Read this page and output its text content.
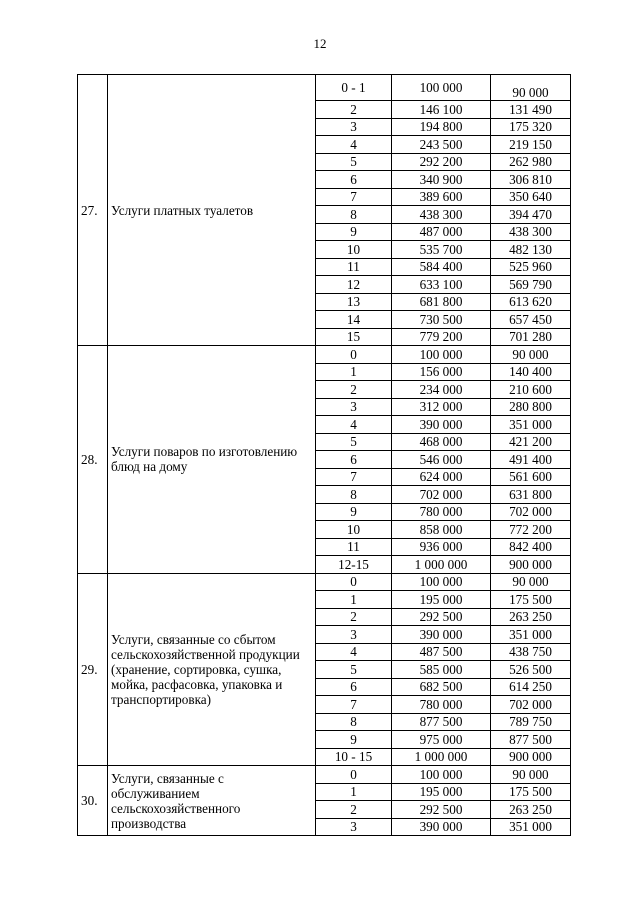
12
27.	Услуги платных туалетов	0 - 1	100 000	90 000
		2	146 100	131 490
		3	194 800	175 320
		4	243 500	219 150
		5	292 200	262 980
		6	340 900	306 810
		7	389 600	350 640
		8	438 300	394 470
		9	487 000	438 300
		10	535 700	482 130
		11	584 400	525 960
		12	633 100	569 790
		13	681 800	613 620
		14	730 500	657 450
		15	779 200	701 280
28.	Услуги поваров по изготовлению блюд на дому	0	100 000	90 000
		1	156 000	140 400
		2	234 000	210 600
		3	312 000	280 800
		4	390 000	351 000
		5	468 000	421 200
		6	546 000	491 400
		7	624 000	561 600
		8	702 000	631 800
		9	780 000	702 000
		10	858 000	772 200
		11	936 000	842 400
		12-15	1 000 000	900 000
29.	Услуги, связанные со сбытом сельскохозяйственной продукции (хранение, сортировка, сушка, мойка, расфасовка, упаковка и транспортировка)	0	100 000	90 000
		1	195 000	175 500
		2	292 500	263 250
		3	390 000	351 000
		4	487 500	438 750
		5	585 000	526 500
		6	682 500	614 250
		7	780 000	702 000
		8	877 500	789 750
		9	975 000	877 500
		10 - 15	1 000 000	900 000
30.	Услуги, связанные с обслуживанием сельскохозяйственного производства	0	100 000	90 000
		1	195 000	175 500
		2	292 500	263 250
		3	390 000	351 000
